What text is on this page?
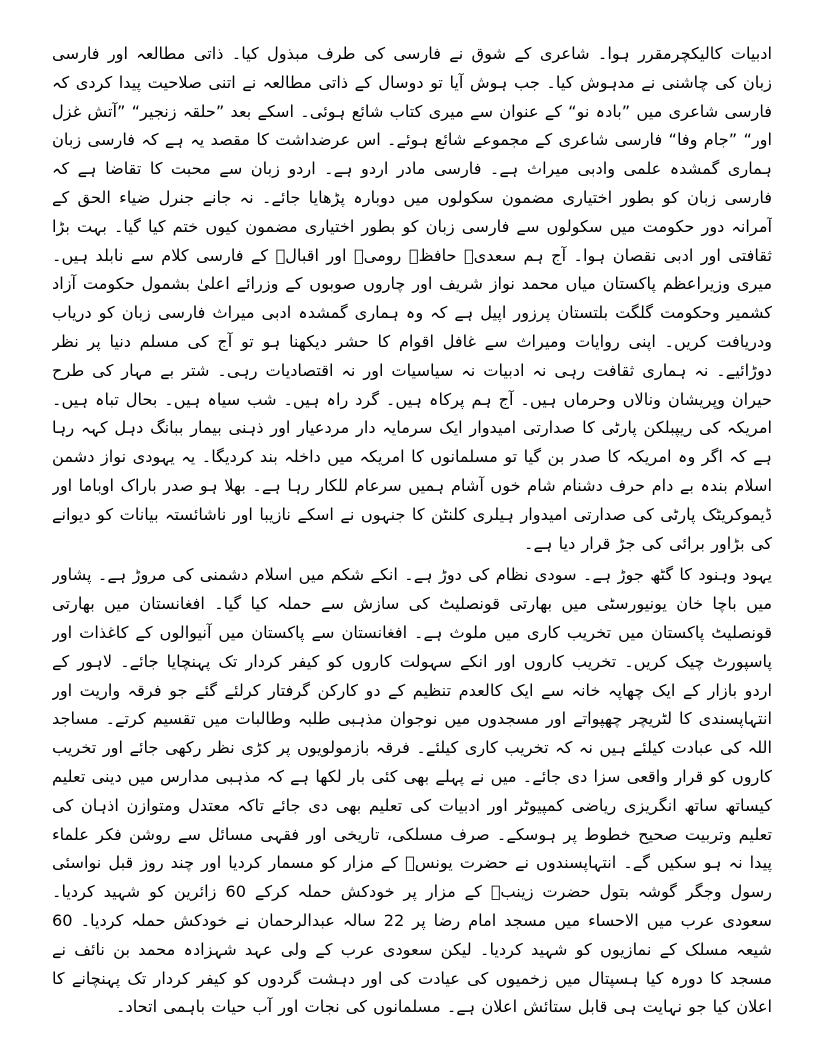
ادبیات کالیکچرمقرر ہوا۔ شاعری کے شوق نے فارسی کی طرف مبذول کیا۔ ذاتی مطالعہ اور فارسی زبان کی چاشنی نے مدہوش کیا۔ جب ہوش آیا تو دوسال کے ذاتی مطالعہ نے اتنی صلاحیت پیدا کردی کہ فارسی شاعری میں ”بادہ نو“ کے عنوان سے میری کتاب شائع ہوئی۔ اسکے بعد ”حلقہ زنجیر“ ”آتش غزل اور“ ”جام وفا“ فارسی شاعری کے مجموعے شائع ہوئے۔ اس عرضداشت کا مقصد یہ ہے کہ فارسی زبان ہماری گمشدہ علمی وادبی میراث ہے۔ فارسی مادر اردو ہے۔ اردو زبان سے محبت کا تقاضا ہے کہ فارسی زبان کو بطور اختیاری مضمون سکولوں میں دوبارہ پڑھایا جائے۔ نہ جانے جنرل ضیاء الحق کے آمرانہ دور حکومت میں سکولوں سے فارسی زبان کو بطور اختیاری مضمون کیوں ختم کیا گیا۔ بہت بڑا ثقافتی اور ادبی نقصان ہوا۔ آج ہم سعدیؒ حافظؒ رومیؒ اور اقبالؒ کے فارسی کلام سے نابلد ہیں۔ میری وزیراعظم پاکستان میاں محمد نواز شریف اور چاروں صوبوں کے وزرائے اعلیٰ بشمول حکومت آزاد کشمیر وحکومت گلگت بلتستان پرزور اپیل ہے کہ وہ ہماری گمشدہ ادبی میراث فارسی زبان کو دریاب ودریافت کریں۔ اپنی روایات ومیراث سے غافل اقوام کا حشر دیکھنا ہو تو آج کی مسلم دنیا پر نظر دوڑائیے۔ نہ ہماری ثقافت رہی نہ ادبیات نہ سیاسیات اور نہ اقتصادیات رہی۔ شتر بے مہار کی طرح حیران وپریشان ونالاں وحرماں ہیں۔ آج ہم پرکاہ ہیں۔ گرد راہ ہیں۔ شب سیاہ ہیں۔ بحال تباہ ہیں۔ امریکہ کی ریپبلکن پارٹی کا صدارتی امیدوار ایک سرمایہ دار مردعیار اور ذہنی بیمار ببانگ دہل کہہ رہا ہے کہ اگر وہ امریکہ کا صدر بن گیا تو مسلمانوں کا امریکہ میں داخلہ بند کردیگا۔ یہ یہودی نواز دشمن اسلام بندہ بے دام حرف دشنام شام خوں آشام ہمیں سرعام للکار رہا ہے۔ بھلا ہو صدر باراک اوباما اور ڈیموکریٹک پارٹی کی صدارتی امیدوار ہیلری کلنٹن کا جنہوں نے اسکے نازیبا اور ناشائستہ بیانات کو دیوانے کی بڑاور برائی کی جڑ قرار دیا ہے۔

یہود وہنود کا گٹھ جوڑ ہے۔ سودی نظام کی دوڑ ہے۔ انکے شکم میں اسلام دشمنی کی مروڑ ہے۔ پشاور میں باچا خان یونیورسٹی میں بھارتی قونصلیٹ کی سازش سے حملہ کیا گیا۔ افغانستان میں بھارتی قونصلیٹ پاکستان میں تخریب کاری میں ملوث ہے۔ افغانستان سے پاکستان میں آنیوالوں کے کاغذات اور پاسپورٹ چیک کریں۔ تخریب کاروں اور انکے سہولت کاروں کو کیفر کردار تک پہنچایا جائے۔ لاہور کے اردو بازار کے ایک چھاپہ خانہ سے ایک کالعدم تنظیم کے دو کارکن گرفتار کرلئے گئے جو فرقہ واریت اور انتہاپسندی کا لٹریچر چھپواتے اور مسجدوں میں نوجوان مذہبی طلبہ وطالبات میں تقسیم کرتے۔ مساجد اللہ کی عبادت کیلئے ہیں نہ کہ تخریب کاری کیلئے۔ فرقہ بازمولویوں پر کڑی نظر رکھی جائے اور تخریب کاروں کو قرار واقعی سزا دی جائے۔ میں نے پہلے بھی کئی بار لکھا ہے کہ مذہبی مدارس میں دینی تعلیم کیساتھ ساتھ انگریزی ریاضی کمپیوٹر اور ادبیات کی تعلیم بھی دی جائے تاکہ معتدل ومتوازن اذہان کی تعلیم وتربیت صحیح خطوط پر ہوسکے۔ صرف مسلکی، تاریخی اور فقہی مسائل سے روشن فکر علماء پیدا نہ ہو سکیں گے۔ انتہاپسندوں نے حضرت یونسؑ کے مزار کو مسمار کردیا اور چند روز قبل نواسئی رسول وجگر گوشہ بتول حضرت زینبؓ کے مزار پر خودکش حملہ کرکے 60 زائرین کو شہید کردیا۔ سعودی عرب میں الاحساء میں مسجد امام رضا پر 22 سالہ عبدالرحمان نے خودکش حملہ کردیا۔ 60 شیعہ مسلک کے نمازیوں کو شہید کردیا۔ لیکن سعودی عرب کے ولی عہد شہزادہ محمد بن نائف نے مسجد کا دورہ کیا ہسپتال میں زخمیوں کی عیادت کی اور دہشت گردوں کو کیفر کردار تک پہنچانے کا اعلان کیا جو نہایت ہی قابل ستائش اعلان ہے۔ مسلمانوں کی نجات اور آب حیات باہمی اتحاد۔
